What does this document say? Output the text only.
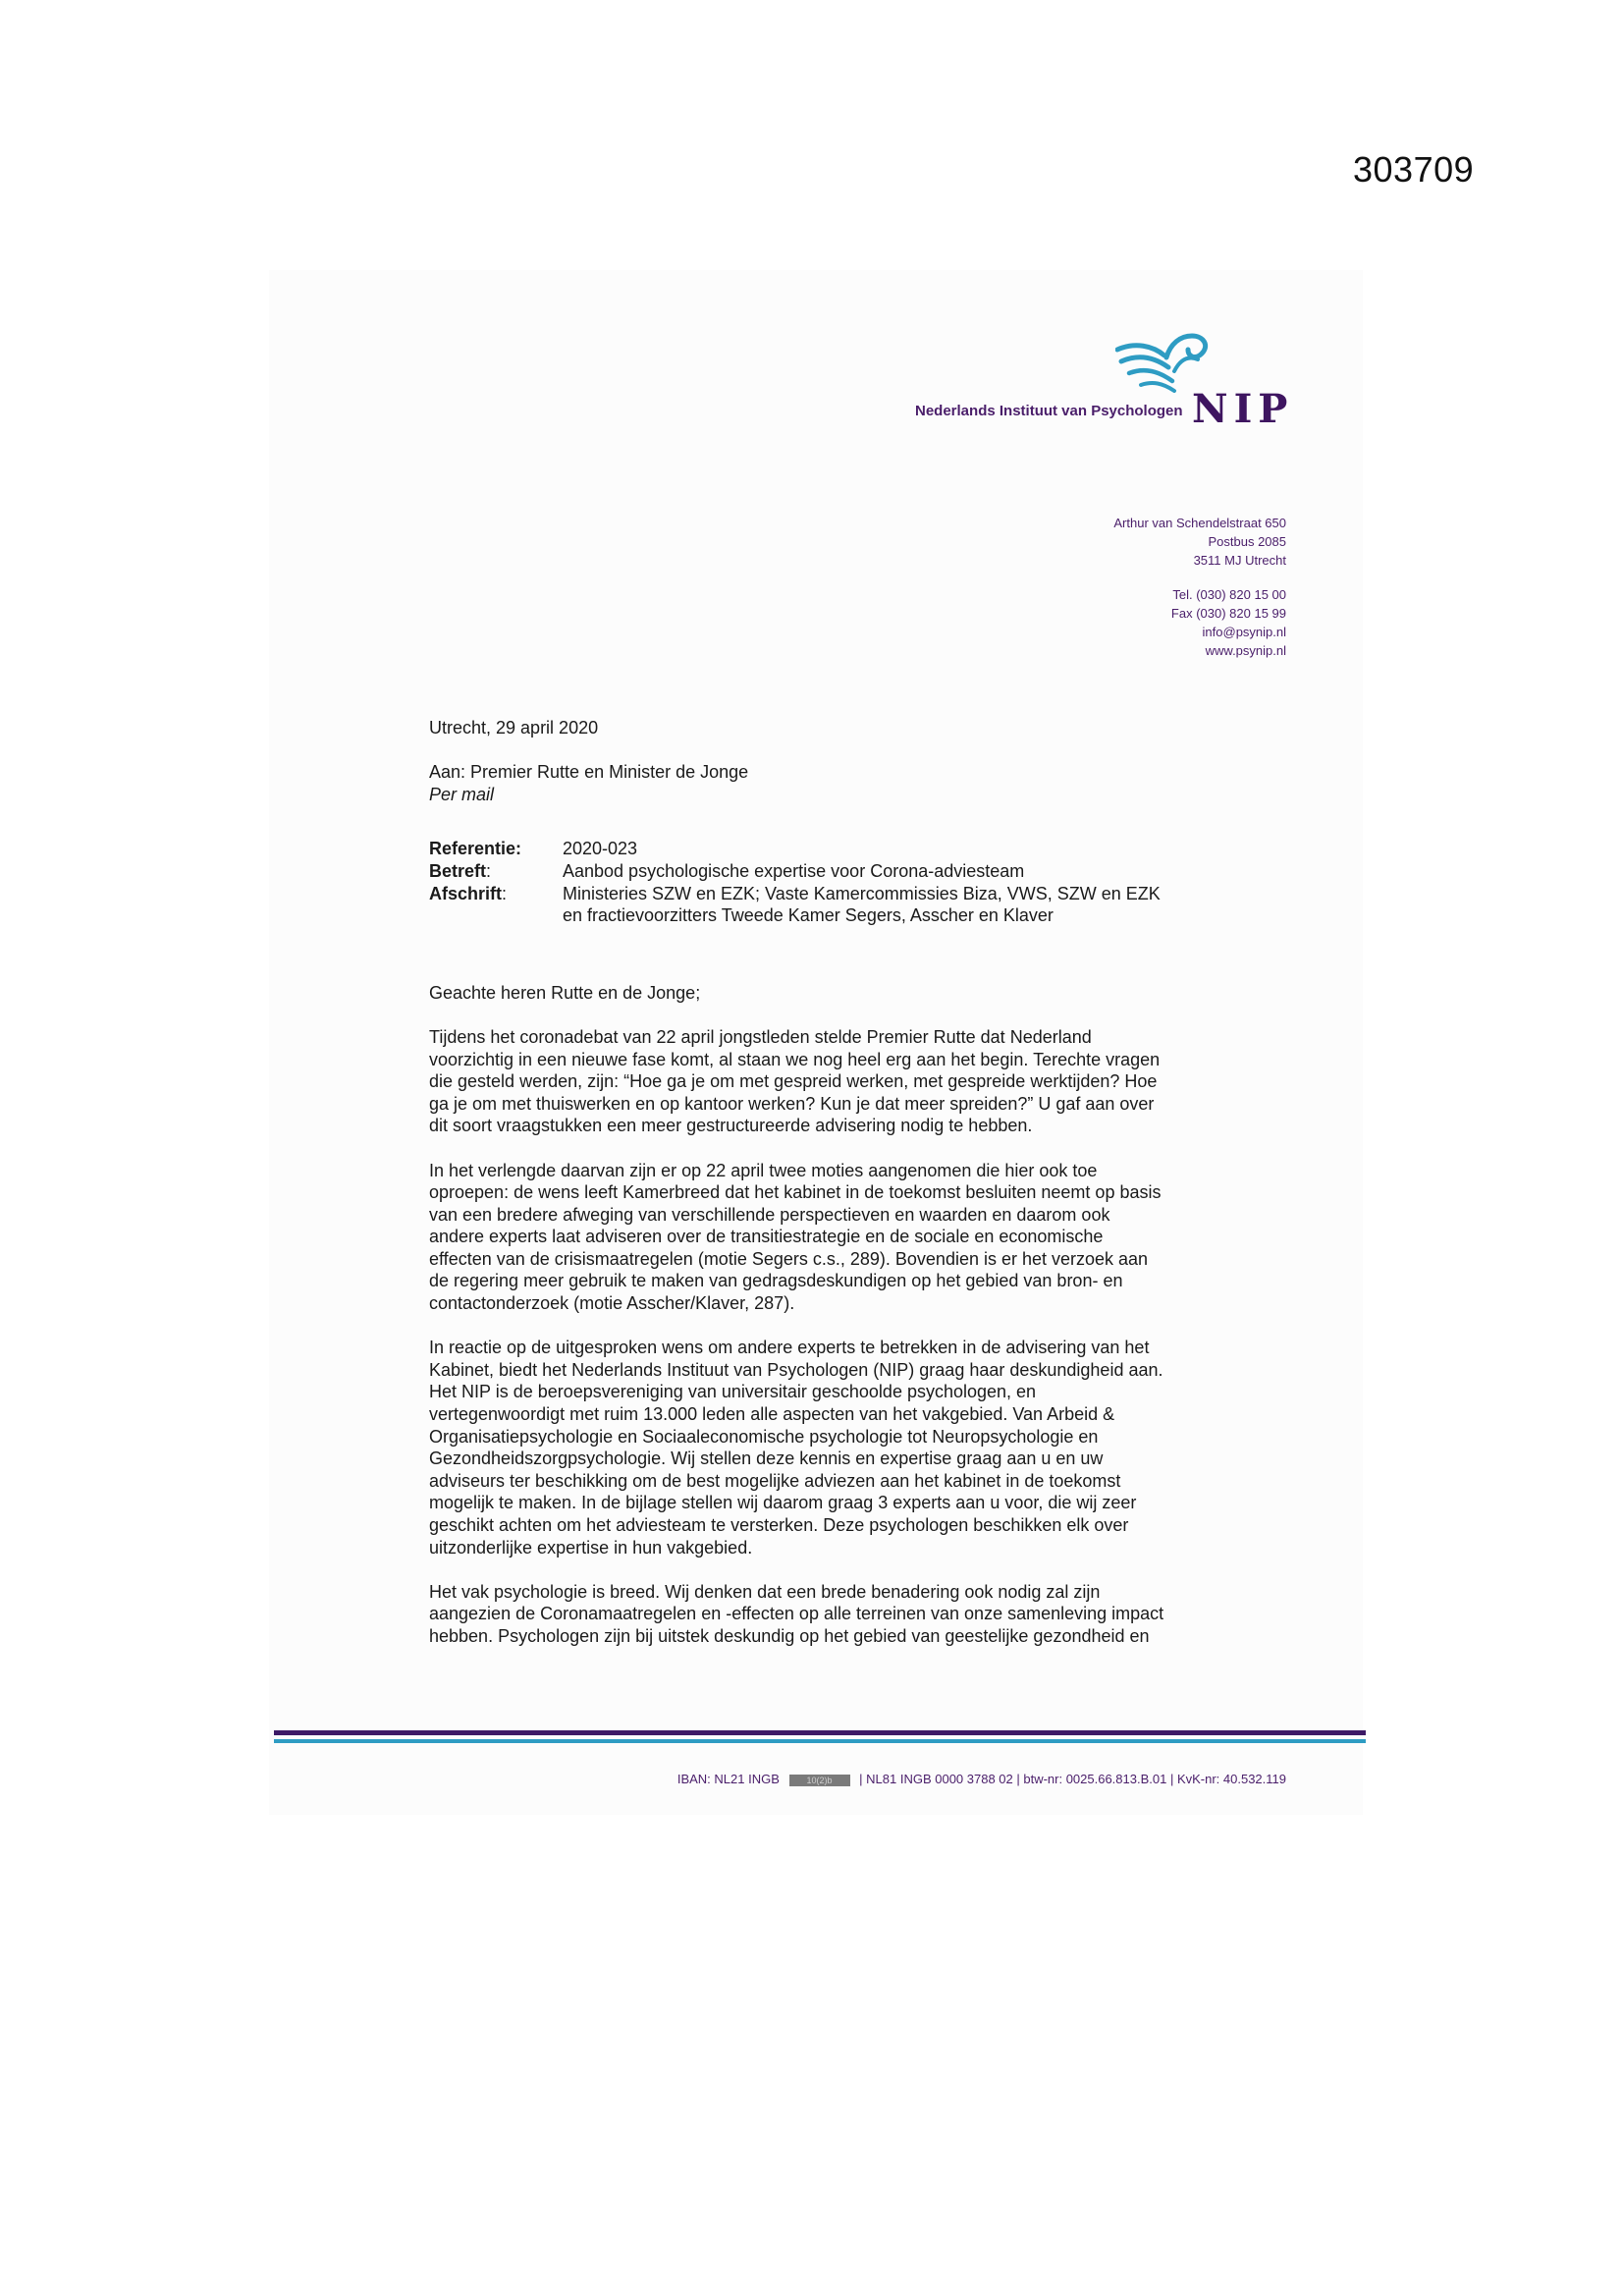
303709
Nederlands Instituut van Psychologen NIP
Arthur van Schendelstraat 650
Postbus 2085
3511 MJ Utrecht
Tel. (030) 820 15 00
Fax (030) 820 15 99
info@psynip.nl
www.psynip.nl

Utrecht, 29 april 2020

Aan: Premier Rutte en Minister de Jonge
Per mail
Referentie:	2020-023
Betreft:	Aanbod psychologische expertise voor Corona-adviesteam
Afschrift:	Ministeries SZW en EZK; Vaste Kamercommissies Biza, VWS, SZW en EZK
en fractievoorzitters Tweede Kamer Segers, Asscher en Klaver

Geachte heren Rutte en de Jonge;

Tijdens het coronadebat van 22 april jongstleden stelde Premier Rutte dat Nederland
voorzichtig in een nieuwe fase komt, al staan we nog heel erg aan het begin. Terechte vragen
die gesteld werden, zijn: “Hoe ga je om met gespreid werken, met gespreide werktijden? Hoe
ga je om met thuiswerken en op kantoor werken? Kun je dat meer spreiden?” U gaf aan over
dit soort vraagstukken een meer gestructureerde advisering nodig te hebben.

In het verlengde daarvan zijn er op 22 april twee moties aangenomen die hier ook toe
oproepen: de wens leeft Kamerbreed dat het kabinet in de toekomst besluiten neemt op basis
van een bredere afweging van verschillende perspectieven en waarden en daarom ook
andere experts laat adviseren over de transitiestrategie en de sociale en economische
effecten van de crisismaatregelen (motie Segers c.s., 289). Bovendien is er het verzoek aan
de regering meer gebruik te maken van gedragsdeskundigen op het gebied van bron- en
contactonderzoek (motie Asscher/Klaver, 287).

In reactie op de uitgesproken wens om andere experts te betrekken in de advisering van het
Kabinet, biedt het Nederlands Instituut van Psychologen (NIP) graag haar deskundigheid aan.
Het NIP is de beroepsvereniging van universitair geschoolde psychologen, en
vertegenwoordigt met ruim 13.000 leden alle aspecten van het vakgebied. Van Arbeid &
Organisatiepsychologie en Sociaaleconomische psychologie tot Neuropsychologie en
Gezondheidszorgpsychologie. Wij stellen deze kennis en expertise graag aan u en uw
adviseurs ter beschikking om de best mogelijke adviezen aan het kabinet in de toekomst
mogelijk te maken. In de bijlage stellen wij daarom graag 3 experts aan u voor, die wij zeer
geschikt achten om het adviesteam te versterken. Deze psychologen beschikken elk over
uitzonderlijke expertise in hun vakgebied.

Het vak psychologie is breed. Wij denken dat een brede benadering ook nodig zal zijn
aangezien de Coronamaatregelen en -effecten op alle terreinen van onze samenleving impact
hebben. Psychologen zijn bij uitstek deskundig op het gebied van geestelijke gezondheid en

IBAN: NL21 INGB	10(2)b | NL81 INGB 0000 3788 02 | btw-nr: 0025.66.813.B.01 | KvK-nr: 40.532.119
